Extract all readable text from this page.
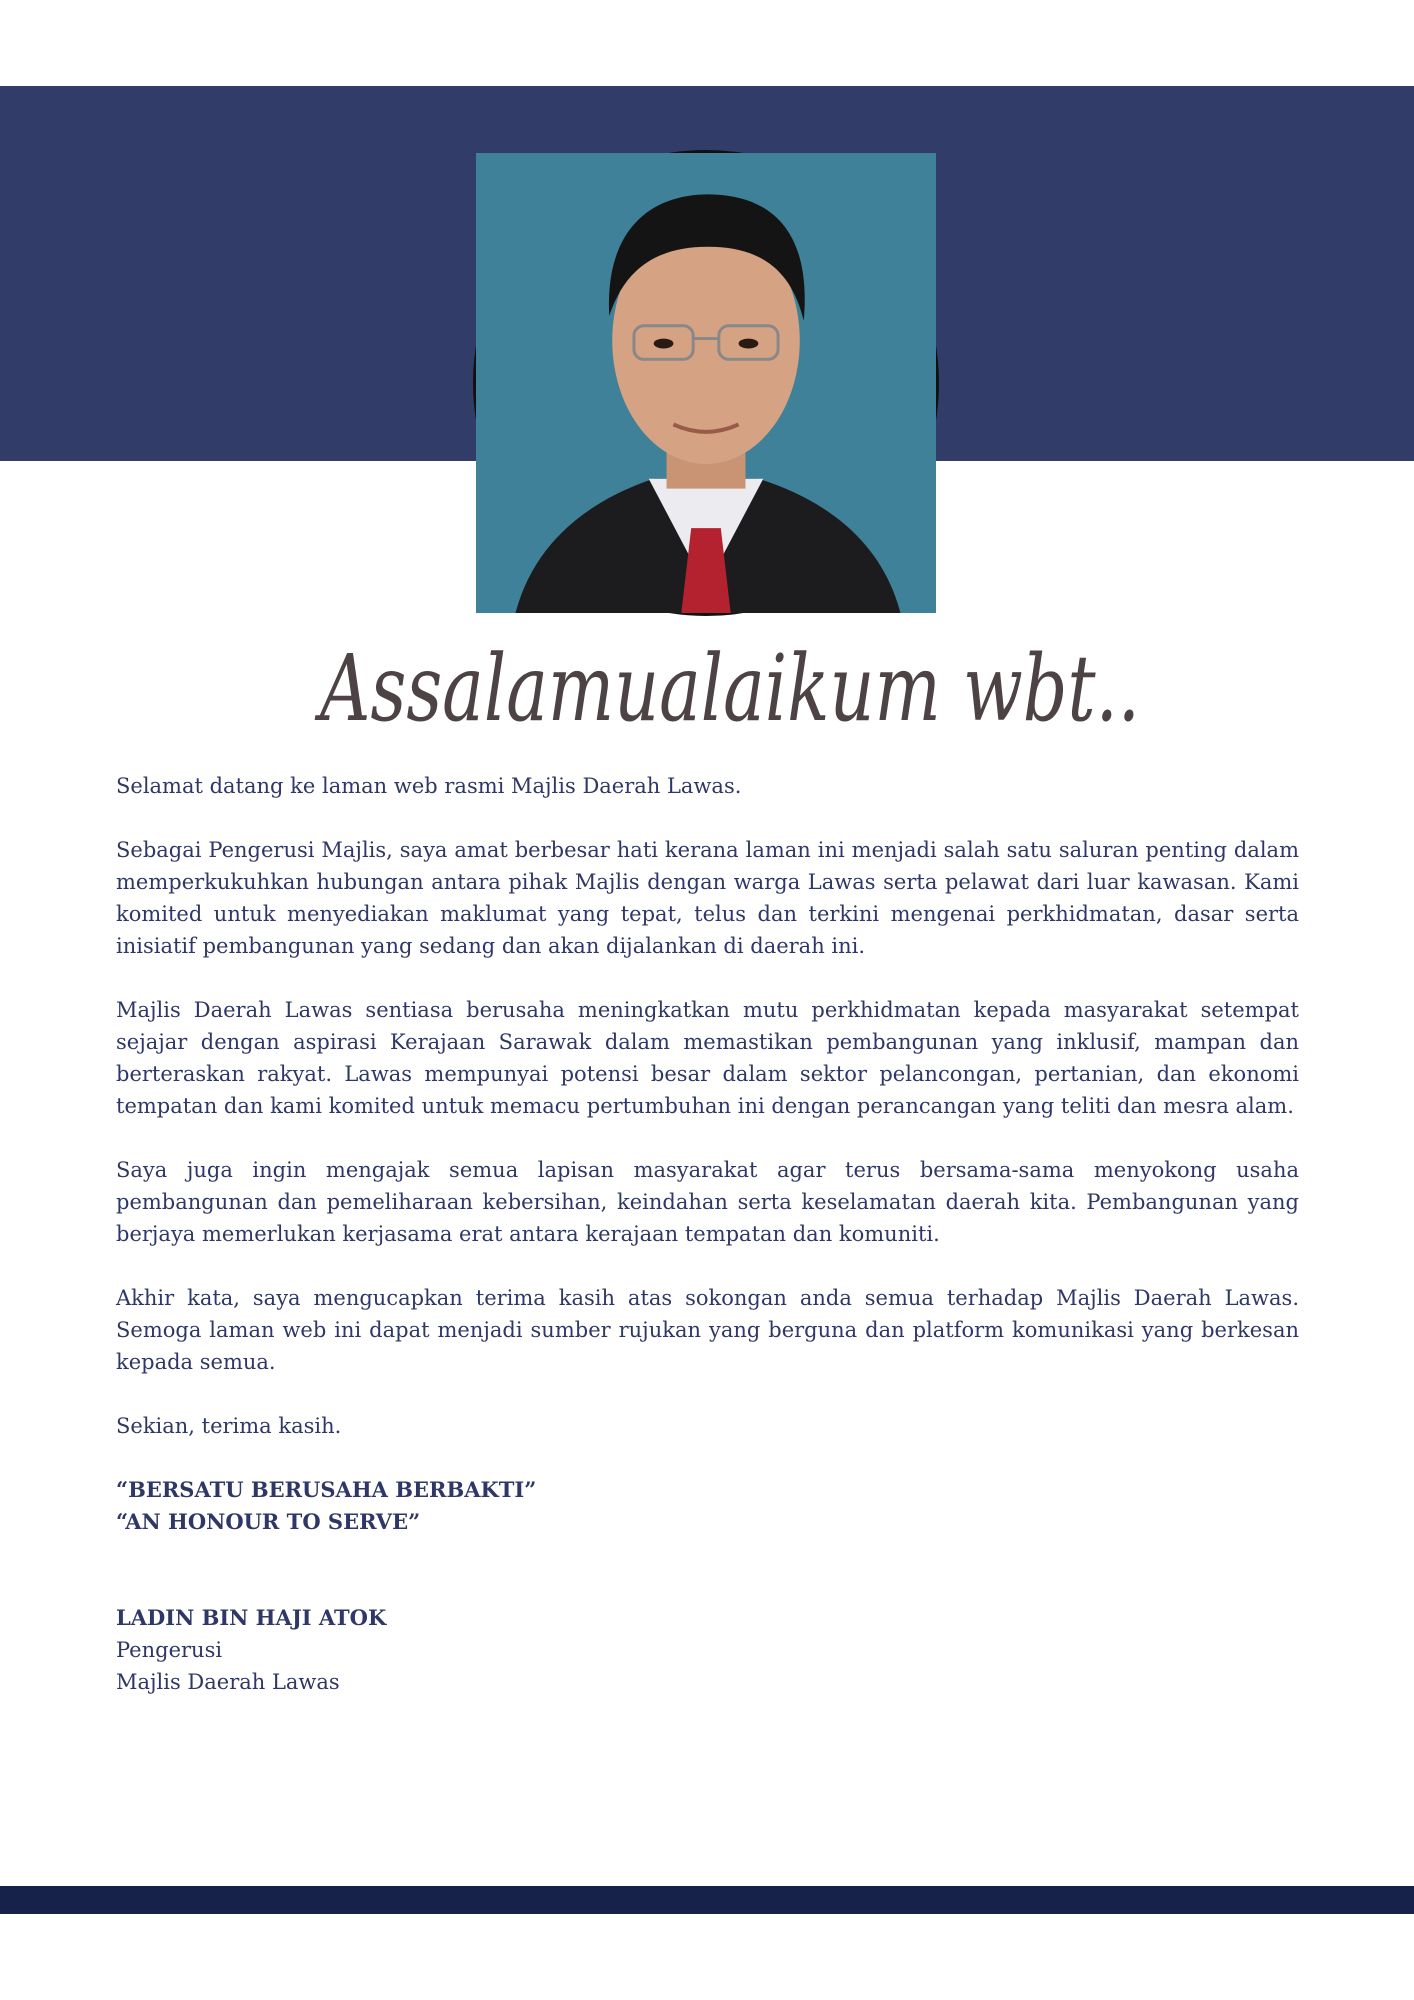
Assalamualaikum wbt..

Selamat datang ke laman web rasmi Majlis Daerah Lawas.

Sebagai Pengerusi Majlis, saya amat berbesar hati kerana laman ini menjadi salah satu saluran penting dalam memperkukuhkan hubungan antara pihak Majlis dengan warga Lawas serta pelawat dari luar kawasan. Kami komited untuk menyediakan maklumat yang tepat, telus dan terkini mengenai perkhidmatan, dasar serta inisiatif pembangunan yang sedang dan akan dijalankan di daerah ini.

Majlis Daerah Lawas sentiasa berusaha meningkatkan mutu perkhidmatan kepada masyarakat setempat sejajar dengan aspirasi Kerajaan Sarawak dalam memastikan pembangunan yang inklusif, mampan dan berteraskan rakyat. Lawas mempunyai potensi besar dalam sektor pelancongan, pertanian, dan ekonomi tempatan dan kami komited untuk memacu pertumbuhan ini dengan perancangan yang teliti dan mesra alam.

Saya juga ingin mengajak semua lapisan masyarakat agar terus bersama-sama menyokong usaha pembangunan dan pemeliharaan kebersihan, keindahan serta keselamatan daerah kita. Pembangunan yang berjaya memerlukan kerjasama erat antara kerajaan tempatan dan komuniti.

Akhir kata, saya mengucapkan terima kasih atas sokongan anda semua terhadap Majlis Daerah Lawas. Semoga laman web ini dapat menjadi sumber rujukan yang berguna dan platform komunikasi yang berkesan kepada semua.

Sekian, terima kasih.

“BERSATU BERUSAHA BERBAKTI”
“AN HONOUR TO SERVE”
LADIN BIN HAJI ATOK
Pengerusi
Majlis Daerah Lawas
